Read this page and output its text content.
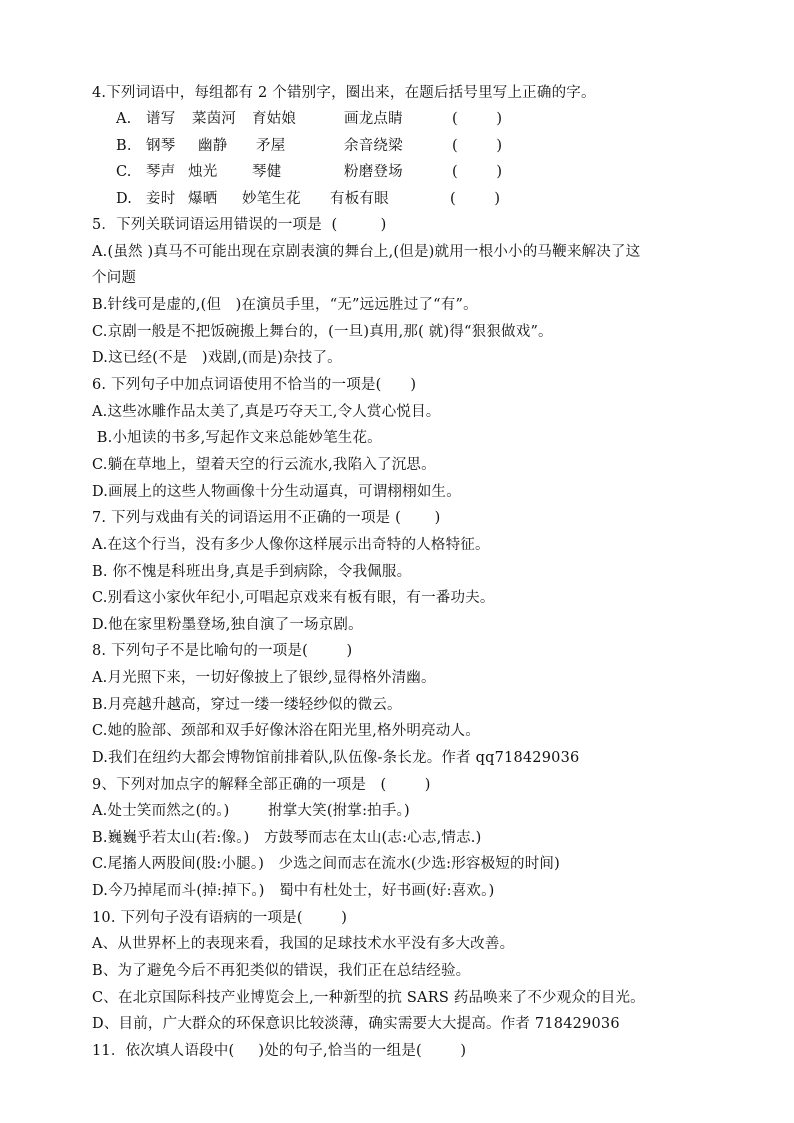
4.下列词语中，每组都有 2 个错别字，圈出来，在题后括号里写上正确的字。
A.	谱写	菜茵河	育姑娘	画龙点睛	(        )
B. 钢琴	幽静	矛屋	余音绕梁	(        )
C. 琴声 烛光	琴健	粉磨登场	(        )
D. 妾时 爆晒	妙笔生花	有板有眼	(        )
5．下列关联词语运用错误的一项是  (         )
A.(虽然 )真马不可能出现在京剧表演的舞台上,(但是)就用一根小小的马鞭来解决了这
个问题
B.针线可是虚的,(但   )在演员手里，“无”远远胜过了“有”。
C.京剧一般是不把饭碗搬上舞台的，(一旦)真用,那( 就)得“狠狠做戏”。
D.这已经(不是   )戏剧,(而是)杂技了。
6. 下列句子中加点词语使用不恰当的一项是(      )
A.这些冰雕作品太美了,真是巧夺天工,令人赏心悦目。
B.小旭读的书多,写起作文来总能妙笔生花。
C.躺在草地上，望着天空的行云流水,我陷入了沉思。
D.画展上的这些人物画像十分生动逼真，可谓栩栩如生。
7. 下列与戏曲有关的词语运用不正确的一项是 (       )
A.在这个行当，没有多少人像你这样展示出奇特的人格特征。
B. 你不愧是科班出身,真是手到病除，令我佩服。
C.别看这小家伙年纪小,可唱起京戏来有板有眼，有一番功夫。
D.他在家里粉墨登场,独自演了一场京剧。
8. 下列句子不是比喻句的一项是(        )
A.月光照下来，一切好像披上了银纱,显得格外清幽。
B.月亮越升越高，穿过一缕一缕轻纱似的微云。
C.她的脸部、颈部和双手好像沐浴在阳光里,格外明亮动人。
D.我们在纽约大都会博物馆前排着队,队伍像-条长龙。作者 qq718429036
9、下列对加点字的解释全部正确的一项是   (        )
A.处士笑而然之(的。)        拊掌大笑(拊掌:拍手。)
B.巍巍乎若太山(若:像。)   方鼓琴而志在太山(志:心志,情志.)
C.尾搐人两股间(股:小腿。)   少选之间而志在流水(少选:形容极短的时间)
D.今乃掉尾而斗(掉:掉下。)   蜀中有杜处士，好书画(好:喜欢。)
10. 下列句子没有语病的一项是(        )
A、从世界杯上的表现来看，我国的足球技术水平没有多大改善。
B、为了避免今后不再犯类似的错误，我们正在总结经验。
C、在北京国际科技产业博览会上,一种新型的抗 SARS 药品唤来了不少观众的目光。
D、目前，广大群众的环保意识比较淡薄，确实需要大大提高。作者 718429036
11．依次填人语段中(     )处的句子,恰当的一组是(        )
